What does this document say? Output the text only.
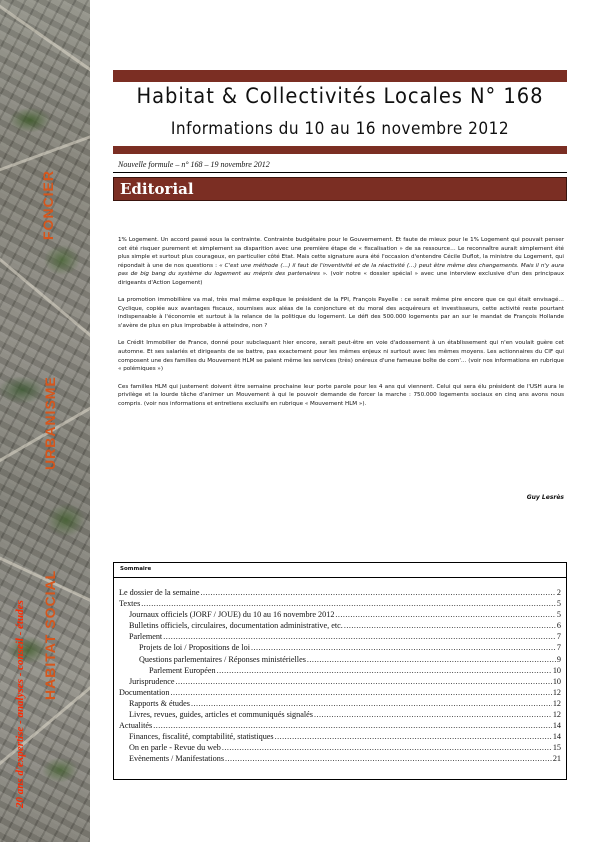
FONCIER
URBANISME
HABITAT SOCIAL
20 ans d'expertise - analyses - conseil - études
Habitat & Collectivités Locales N° 168
Informations du 10 au 16 novembre 2012
Nouvelle formule – n° 168 – 19 novembre 2012
Editorial

1% Logement. Un accord passé sous la contrainte. Contrainte budgétaire pour le Gouvernement. Et faute de mieux pour le 1% Logement qui pouvait penser cet été risquer purement et simplement sa disparition avec une première étape de « fiscalisation » de sa ressource… Le reconnaître aurait simplement été plus simple et surtout plus courageux, en particulier côté Etat. Mais cette signature aura été l'occasion d'entendre Cécile Duflot, la ministre du Logement, qui répondait à une de nos questions : « C'est une méthode (…) il faut de l'inventivité et de la réactivité (…) peut être même des changements. Mais il n'y aura pas de big bang du système du logement au mépris des partenaires ». (voir notre « dossier spécial » avec une interview exclusive d'un des principaux dirigeants d'Action Logement)

La promotion immobilière va mal, très mal même explique le président de la FPI, François Payelle : ce serait même pire encore que ce qui était envisagé… Cyclique, copiée aux avantages fiscaux, soumises aux aléas de la conjoncture et du moral des acquéreurs et investisseurs, cette activité reste pourtant indispensable à l'économie et surtout à la relance de la politique du logement. Le défi des 500.000 logements par an sur le mandat de François Hollande s'avère de plus en plus improbable à atteindre, non ?

Le Crédit Immobilier de France, donné pour subclaquant hier encore, serait peut-être en voie d'adossement à un établissement qui n'en voulait guère cet automne. Et ses salariés et dirigeants de se battre, pas exactement pour les mêmes enjeux ni surtout avec les mêmes moyens. Les actionnaires du CIF qui composent une des familles du Mouvement HLM se paient même les services (très) onéreux d'une fameuse boîte de com'… (voir nos informations en rubrique « polémiques »)

Ces familles HLM qui justement doivent être semaine prochaine leur porte parole pour les 4 ans qui viennent. Celui qui sera élu président de l'USH aura le privilège et la lourde tâche d'animer un Mouvement à qui le pouvoir demande de forcer la marche : 750.000 logements sociaux en cinq ans avons nous compris. (voir nos informations et entretiens exclusifs en rubrique « Mouvement HLM »).

Guy Lesrès
Sommaire
Le dossier de la semaine .....	2
Textes .....	5
Journaux officiels (JORF / JOUE) du 10 au 16 novembre 2012 .....	5
Bulletins officiels, circulaires, documentation administrative, etc. .....	6
Parlement .....	7
Projets de loi / Propositions de loi .....	7
Questions parlementaires / Réponses ministérielles .....	9
Parlement Européen .....	10
Jurisprudence .....	10
Documentation .....	12
Rapports & études .....	12
Livres, revues, guides, articles et communiqués signalés .....	12
Actualités .....	14
Finances, fiscalité, comptabilité, statistiques .....	14
On en parle - Revue du web .....	15
Evènements / Manifestations .....	21
